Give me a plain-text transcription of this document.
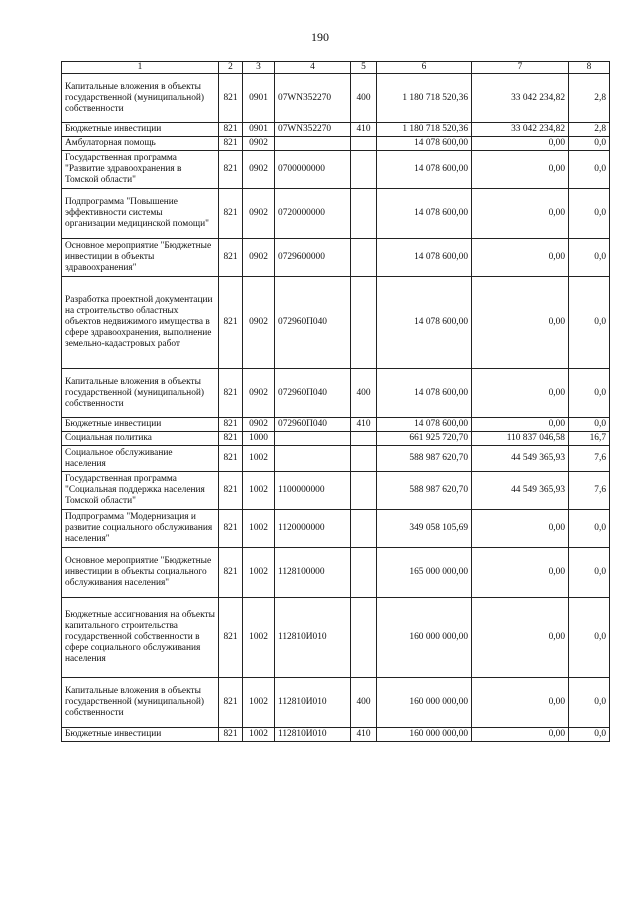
190
1	2	3	4	5	6	7	8
Капитальные вложения в объекты государственной (муниципальной) собственности	821	0901	07WN352270	400	1 180 718 520,36	33 042 234,82	2,8
Бюджетные инвестиции	821	0901	07WN352270	410	1 180 718 520,36	33 042 234,82	2,8
Амбулаторная помощь	821	0902			14 078 600,00	0,00	0,0
Государственная программа "Развитие здравоохранения в Томской области"	821	0902	0700000000		14 078 600,00	0,00	0,0
Подпрограмма "Повышение эффективности системы организации медицинской помощи"	821	0902	0720000000		14 078 600,00	0,00	0,0
Основное мероприятие "Бюджетные инвестиции в объекты здравоохранения"	821	0902	0729600000		14 078 600,00	0,00	0,0
Разработка проектной документации на строительство областных объектов недвижимого имущества в сфере здравоохранения, выполнение земельно-кадастровых работ	821	0902	072960П040		14 078 600,00	0,00	0,0
Капитальные вложения в объекты государственной (муниципальной) собственности	821	0902	072960П040	400	14 078 600,00	0,00	0,0
Бюджетные инвестиции	821	0902	072960П040	410	14 078 600,00	0,00	0,0
Социальная политика	821	1000			661 925 720,70	110 837 046,58	16,7
Социальное обслуживание населения	821	1002			588 987 620,70	44 549 365,93	7,6
Государственная программа "Социальная поддержка населения Томской области"	821	1002	1100000000		588 987 620,70	44 549 365,93	7,6
Подпрограмма "Модернизация и развитие социального обслуживания населения"	821	1002	1120000000		349 058 105,69	0,00	0,0
Основное мероприятие "Бюджетные инвестиции в объекты социального обслуживания населения"	821	1002	1128100000		165 000 000,00	0,00	0,0
Бюджетные ассигнования на объекты капитального строительства государственной собственности в сфере социального обслуживания населения	821	1002	112810И010		160 000 000,00	0,00	0,0
Капитальные вложения в объекты государственной (муниципальной) собственности	821	1002	112810И010	400	160 000 000,00	0,00	0,0
Бюджетные инвестиции	821	1002	112810И010	410	160 000 000,00	0,00	0,0
